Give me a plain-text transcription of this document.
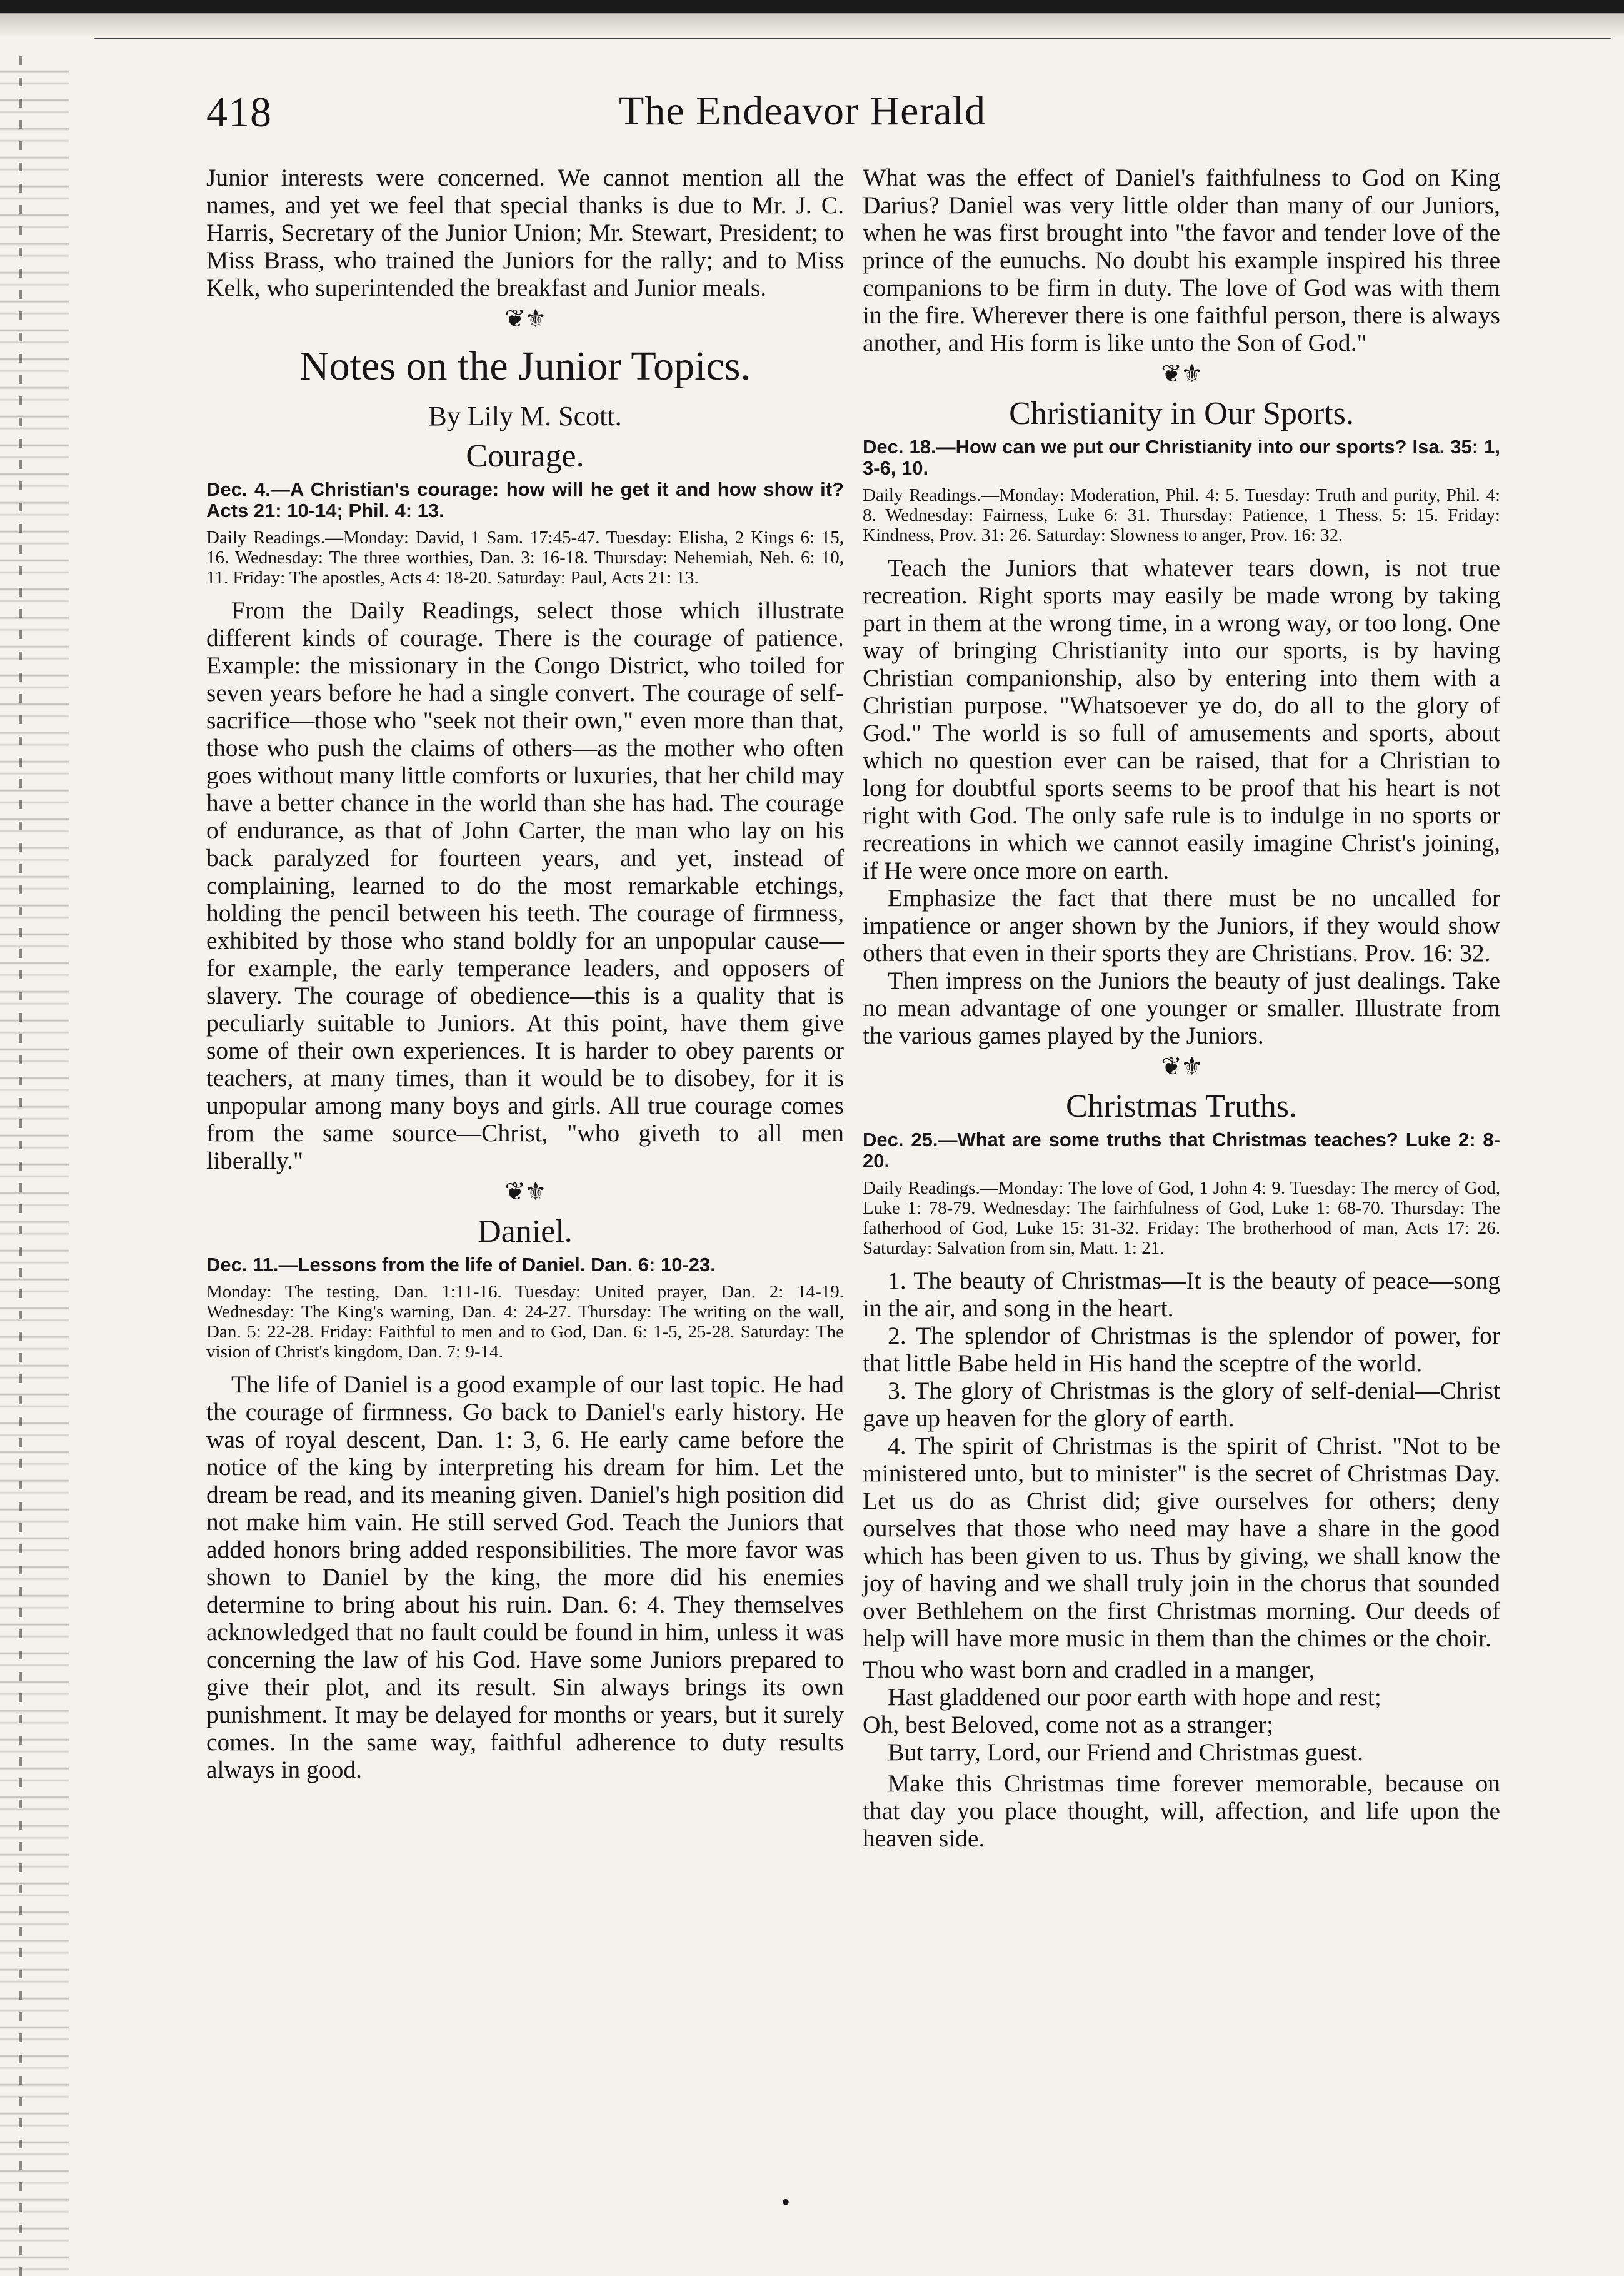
418	The Endeavor Herald

Junior interests were concerned. We cannot mention all the names, and yet we feel that special thanks is due to Mr. J. C. Harris, Secretary of the Junior Union; Mr. Stewart, President; to Miss Brass, who trained the Juniors for the rally; and to Miss Kelk, who superintended the breakfast and Junior meals.

❦⚜
Notes on the Junior Topics.
By Lily M. Scott.
Courage.
Dec. 4.—A Christian's courage: how will he get it and how show it? Acts 21: 10-14; Phil. 4: 13.
Daily Readings.—Monday: David, 1 Sam. 17:45-47. Tuesday: Elisha, 2 Kings 6: 15, 16. Wednesday: The three worthies, Dan. 3: 16-18. Thursday: Nehemiah, Neh. 6: 10, 11. Friday: The apostles, Acts 4: 18-20. Saturday: Paul, Acts 21: 13.

From the Daily Readings, select those which illustrate different kinds of courage. There is the courage of patience. Example: the missionary in the Congo District, who toiled for seven years before he had a single convert. The courage of self-sacrifice—those who "seek not their own," even more than that, those who push the claims of others—as the mother who often goes without many little comforts or luxuries, that her child may have a better chance in the world than she has had. The courage of endurance, as that of John Carter, the man who lay on his back paralyzed for fourteen years, and yet, instead of complaining, learned to do the most remarkable etchings, holding the pencil between his teeth. The courage of firmness, exhibited by those who stand boldly for an unpopular cause—for example, the early temperance leaders, and opposers of slavery. The courage of obedience—this is a quality that is peculiarly suitable to Juniors. At this point, have them give some of their own experiences. It is harder to obey parents or teachers, at many times, than it would be to disobey, for it is unpopular among many boys and girls. All true courage comes from the same source—Christ, "who giveth to all men liberally."

❦⚜
Daniel.
Dec. 11.—Lessons from the life of Daniel. Dan. 6: 10-23.
Monday: The testing, Dan. 1:11-16. Tuesday: United prayer, Dan. 2: 14-19. Wednesday: The King's warning, Dan. 4: 24-27. Thursday: The writing on the wall, Dan. 5: 22-28. Friday: Faithful to men and to God, Dan. 6: 1-5, 25-28. Saturday: The vision of Christ's kingdom, Dan. 7: 9-14.

The life of Daniel is a good example of our last topic. He had the courage of firmness. Go back to Daniel's early history. He was of royal descent, Dan. 1: 3, 6. He early came before the notice of the king by interpreting his dream for him. Let the dream be read, and its meaning given. Daniel's high position did not make him vain. He still served God. Teach the Juniors that added honors bring added responsibilities. The more favor was shown to Daniel by the king, the more did his enemies determine to bring about his ruin. Dan. 6: 4. They themselves acknowledged that no fault could be found in him, unless it was concerning the law of his God. Have some Juniors prepared to give their plot, and its result. Sin always brings its own punishment. It may be delayed for months or years, but it surely comes. In the same way, faithful adherence to duty results always in good.

What was the effect of Daniel's faithfulness to God on King Darius? Daniel was very little older than many of our Juniors, when he was first brought into "the favor and tender love of the prince of the eunuchs. No doubt his example inspired his three companions to be firm in duty. The love of God was with them in the fire. Wherever there is one faithful person, there is always another, and His form is like unto the Son of God."

❦⚜
Christianity in Our Sports.
Dec. 18.—How can we put our Christianity into our sports? Isa. 35: 1, 3-6, 10.
Daily Readings.—Monday: Moderation, Phil. 4: 5. Tuesday: Truth and purity, Phil. 4: 8. Wednesday: Fairness, Luke 6: 31. Thursday: Patience, 1 Thess. 5: 15. Friday: Kindness, Prov. 31: 26. Saturday: Slowness to anger, Prov. 16: 32.

Teach the Juniors that whatever tears down, is not true recreation. Right sports may easily be made wrong by taking part in them at the wrong time, in a wrong way, or too long. One way of bringing Christianity into our sports, is by having Christian companionship, also by entering into them with a Christian purpose. "Whatsoever ye do, do all to the glory of God." The world is so full of amusements and sports, about which no question ever can be raised, that for a Christian to long for doubtful sports seems to be proof that his heart is not right with God. The only safe rule is to indulge in no sports or recreations in which we cannot easily imagine Christ's joining, if He were once more on earth.

Emphasize the fact that there must be no uncalled for impatience or anger shown by the Juniors, if they would show others that even in their sports they are Christians. Prov. 16: 32.

Then impress on the Juniors the beauty of just dealings. Take no mean advantage of one younger or smaller. Illustrate from the various games played by the Juniors.

❦⚜
Christmas Truths.
Dec. 25.—What are some truths that Christmas teaches? Luke 2: 8-20.
Daily Readings.—Monday: The love of God, 1 John 4: 9. Tuesday: The mercy of God, Luke 1: 78-79. Wednesday: The fairhfulness of God, Luke 1: 68-70. Thursday: The fatherhood of God, Luke 15: 31-32. Friday: The brotherhood of man, Acts 17: 26. Saturday: Salvation from sin, Matt. 1: 21.

1. The beauty of Christmas—It is the beauty of peace—song in the air, and song in the heart.

2. The splendor of Christmas is the splendor of power, for that little Babe held in His hand the sceptre of the world.

3. The glory of Christmas is the glory of self-denial—Christ gave up heaven for the glory of earth.

4. The spirit of Christmas is the spirit of Christ. "Not to be ministered unto, but to minister" is the secret of Christmas Day. Let us do as Christ did; give ourselves for others; deny ourselves that those who need may have a share in the good which has been given to us. Thus by giving, we shall know the joy of having and we shall truly join in the chorus that sounded over Bethlehem on the first Christmas morning. Our deeds of help will have more music in them than the chimes or the choir.

Thou who wast born and cradled in a manger,
Hast gladdened our poor earth with hope and rest;
Oh, best Beloved, come not as a stranger;
But tarry, Lord, our Friend and Christmas guest.

Make this Christmas time forever memorable, because on that day you place thought, will, affection, and life upon the heaven side.

•
